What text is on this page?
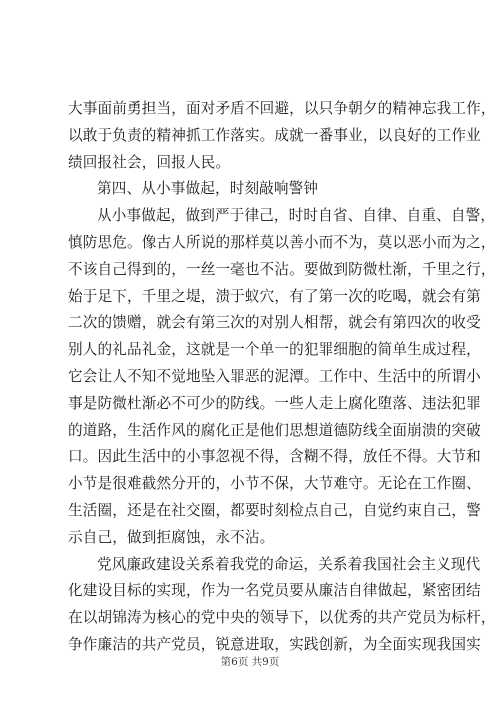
大事面前勇担当，面对矛盾不回避，以只争朝夕的精神忘我工作，
以敢于负责的精神抓工作落实。成就一番事业，以良好的工作业
绩回报社会，回报人民。
第四、从小事做起，时刻敲响警钟
从小事做起，做到严于律己，时时自省、自律、自重、自警，
慎防思危。像古人所说的那样莫以善小而不为，莫以恶小而为之，
不该自己得到的，一丝一毫也不沾。要做到防微杜渐，千里之行，
始于足下，千里之堤，溃于蚁穴，有了第一次的吃喝，就会有第
二次的馈赠，就会有第三次的对别人相帮，就会有第四次的收受
别人的礼品礼金，这就是一个单一的犯罪细胞的简单生成过程，
它会让人不知不觉地坠入罪恶的泥潭。工作中、生活中的所谓小
事是防微杜渐必不可少的防线。一些人走上腐化堕落、违法犯罪
的道路，生活作风的腐化正是他们思想道德防线全面崩溃的突破
口。因此生活中的小事忽视不得，含糊不得，放任不得。大节和
小节是很难截然分开的，小节不保，大节难守。无论在工作圈、
生活圈，还是在社交圈，都要时刻检点自己，自觉约束自己，警
示自己，做到拒腐蚀，永不沾。
党风廉政建设关系着我党的命运，关系着我国社会主义现代
化建设目标的实现，作为一名党员要从廉洁自律做起，紧密团结
在以胡锦涛为核心的党中央的领导下，以优秀的共产党员为标杆，
争作廉洁的共产党员，锐意进取，实践创新，为全面实现我国实
第6页 共9页
